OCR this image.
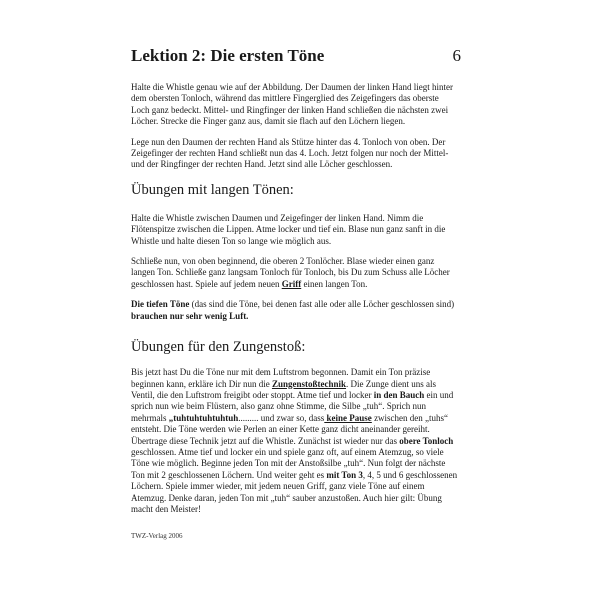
Lektion 2: Die ersten Töne	6

Halte die Whistle genau wie auf der Abbildung. Der Daumen der linken Hand liegt hinter dem obersten Tonloch, während das mittlere Fingerglied des Zeigefingers das oberste Loch ganz bedeckt. Mittel- und Ringfinger der linken Hand schließen die nächsten zwei Löcher. Strecke die Finger ganz aus, damit sie flach auf den Löchern liegen.

Lege nun den Daumen der rechten Hand als Stütze hinter das 4. Tonloch von oben. Der Zeigefinger der rechten Hand schließt nun das 4. Loch. Jetzt folgen nur noch der Mittel- und der Ringfinger der rechten Hand. Jetzt sind alle Löcher geschlossen.

Übungen mit langen Tönen:

Halte die Whistle zwischen Daumen und Zeigefinger der linken Hand. Nimm die Flötenspitze zwischen die Lippen. Atme locker und tief ein. Blase nun ganz sanft in die Whistle und halte diesen Ton so lange wie möglich aus.

Schließe nun, von oben beginnend, die oberen 2 Tonlöcher. Blase wieder einen ganz langen Ton. Schließe ganz langsam Tonloch für Tonloch, bis Du zum Schuss alle Löcher geschlossen hast. Spiele auf jedem neuen Griff einen langen Ton.

Die tiefen Töne (das sind die Töne, bei denen fast alle oder alle Löcher geschlossen sind) brauchen nur sehr wenig Luft.

Übungen für den Zungenstoß:

Bis jetzt hast Du die Töne nur mit dem Luftstrom begonnen. Damit ein Ton präzise beginnen kann, erkläre ich Dir nun die Zungenstoßtechnik. Die Zunge dient uns als Ventil, die den Luftstrom freigibt oder stoppt. Atme tief und locker in den Bauch ein und sprich nun wie beim Flüstern, also ganz ohne Stimme, die Silbe „tuh“. Sprich nun mehrmals „tuhtuhtuhtuhtuh......... und zwar so, dass keine Pause zwischen den „tuhs“ entsteht. Die Töne werden wie Perlen an einer Kette ganz dicht aneinander gereiht. Übertrage diese Technik jetzt auf die Whistle. Zunächst ist wieder nur das obere Tonloch geschlossen. Atme tief und locker ein und spiele ganz oft, auf einem Atemzug, so viele Töne wie möglich. Beginne jeden Ton mit der Anstoßsilbe „tuh“. Nun folgt der nächste Ton mit 2 geschlossenen Löchern. Und weiter geht es mit Ton 3, 4, 5 und 6 geschlossenen Löchern. Spiele immer wieder, mit jedem neuen Griff, ganz viele Töne auf einem Atemzug. Denke daran, jeden Ton mit „tuh“ sauber anzustoßen. Auch hier gilt: Übung macht den Meister!

TWZ-Verlag 2006
